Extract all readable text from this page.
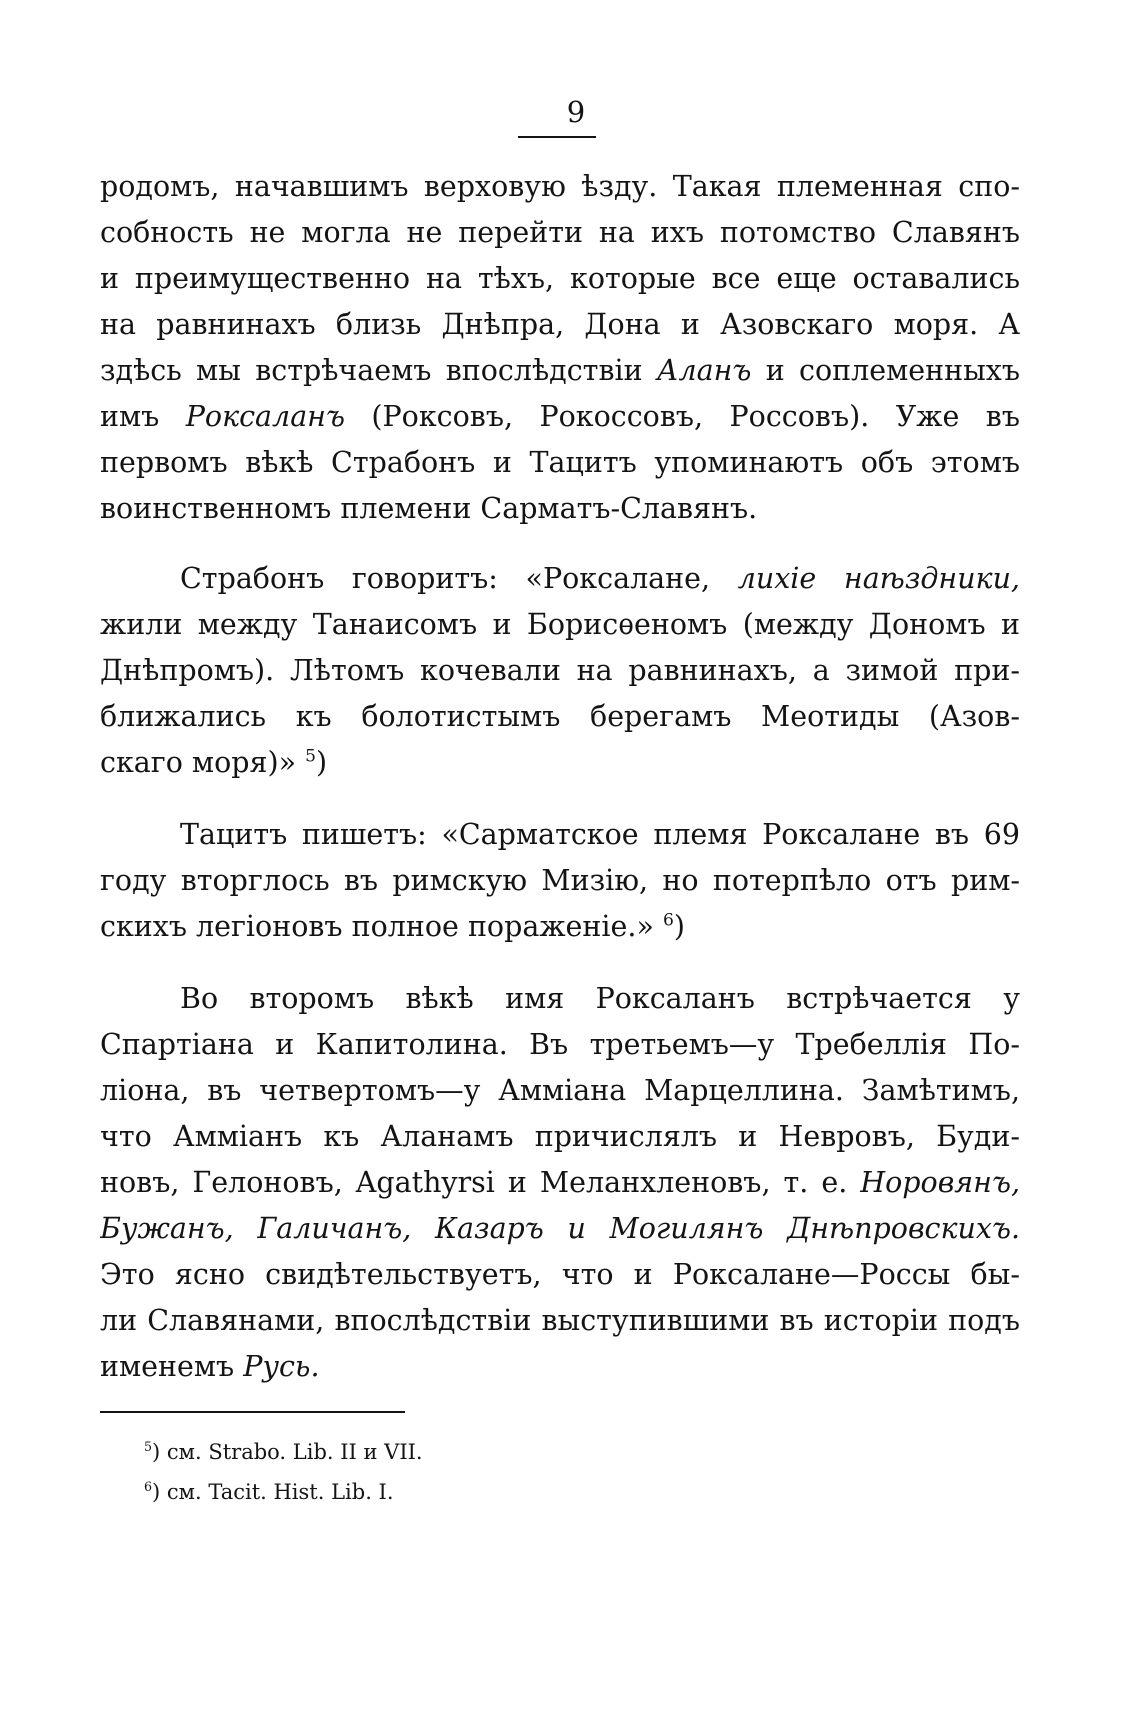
9
родомъ, начавшимъ верховую ѣзду. Такая племенная спо-
собность не могла не перейти на ихъ потомство Славянъ
и преимущественно на тѣхъ, которые все еще оставались
на равнинахъ близь Днѣпра, Дона и Азовскаго моря. А
здѣсь мы встрѣчаемъ впослѣдствіи Аланъ и соплеменныхъ
имъ Роксаланъ (Роксовъ, Рокоссовъ, Россовъ). Уже въ
первомъ вѣкѣ Страбонъ и Тацитъ упоминаютъ объ этомъ
воинственномъ племени Сарматъ-Славянъ.
Страбонъ говоритъ: «Роксалане, лихіе наѣздники,
жили между Танаисомъ и Борисѳеномъ (между Дономъ и
Днѣпромъ). Лѣтомъ кочевали на равнинахъ, а зимой при-
ближались къ болотистымъ берегамъ Меотиды (Азов-
скаго моря)» $^5$)
Тацитъ пишетъ: «Сарматское племя Роксалане въ 69
году вторглось въ римскую Мизію, но потерпѣло отъ рим-
скихъ легіоновъ полное пораженіе.» $^6$)
Во второмъ вѣкѣ имя Роксаланъ встрѣчается у
Спартіана и Капитолина. Въ третьемъ—у Требеллія По-
ліона, въ четвертомъ—у Амміана Марцеллина. Замѣтимъ,
что Амміанъ къ Аланамъ причислялъ и Невровъ, Буди-
новъ, Гелоновъ, Agathyrsi и Меланхленовъ, т. е. Норовянъ,
Бужанъ, Галичанъ, Казаръ и Могилянъ Днѣпровскихъ.
Это ясно свидѣтельствуетъ, что и Роксалане—Россы бы-
ли Славянами, впослѣдствіи выступившими въ исторіи подъ
именемъ Русь.
$^5$) см. Strabo. Lib. II и VII.
$^6$) см. Tacit. Hist. Lib. I.
